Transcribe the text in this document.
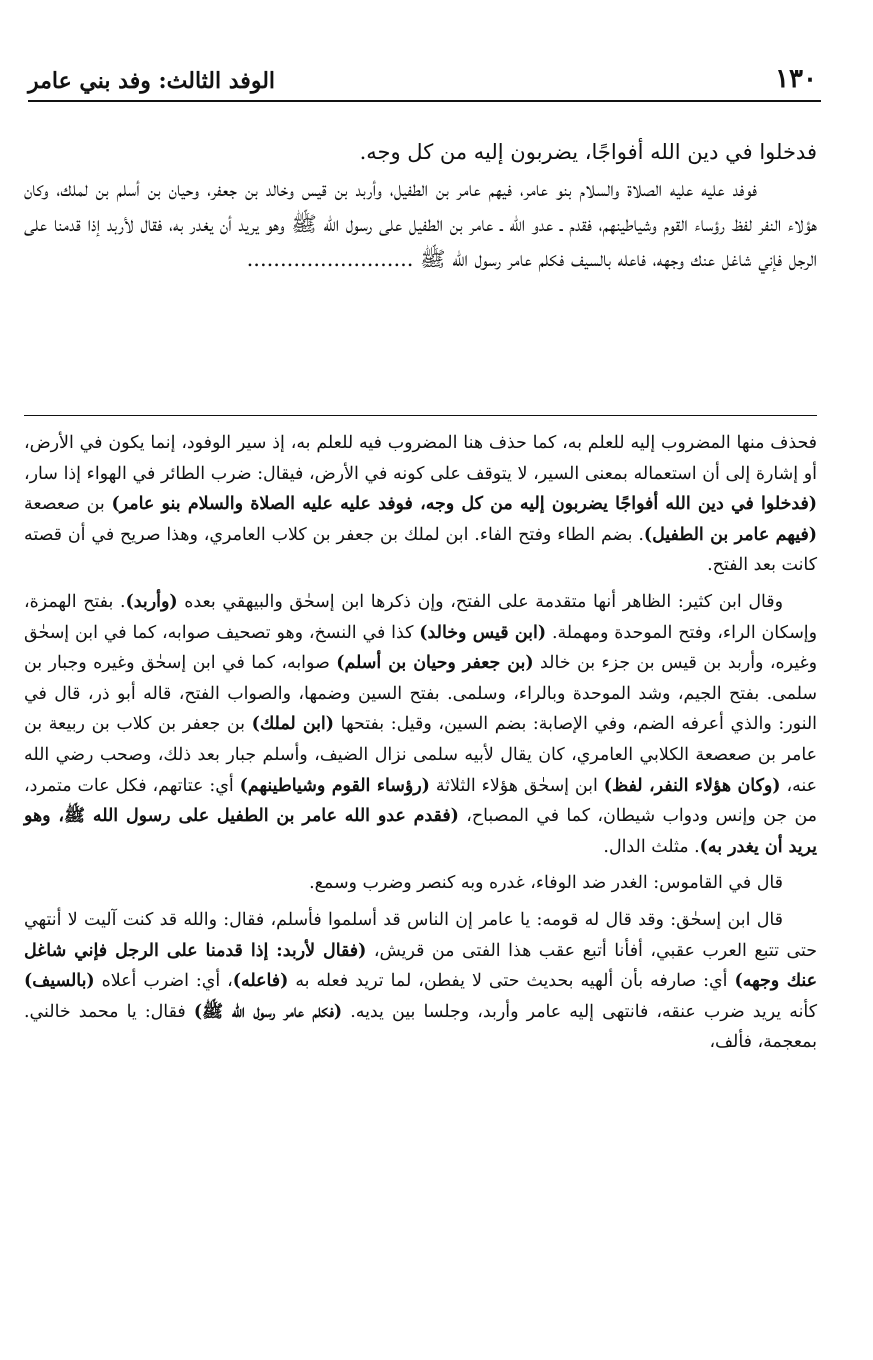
١٣٠
الوفد الثالث: وفد بني عامر

فدخلوا في دين الله أفواجًا، يضربون إليه من كل وجه.

فوفد عليه عليه الصلاة والسلام بنو عامر، فيهم عامر بن الطفيل، وأربد بن قيس وخالد بن جعفر، وحيان بن أسلم بن لملك، وكان هؤلاء النفر لفظ رؤساء القوم وشياطينهم، فقدم ـ عدو الله ـ عامر بن الطفيل على رسول الله ﷺ وهو يريد أن يغدر به، فقال لأربد إذا قدمنا على الرجل فإني شاغل عنك وجهه، فاعله بالسيف فكلم عامر رسول الله ﷺ .........................

فحذف منها المضروب إليه للعلم به، كما حذف هنا المضروب فيه للعلم به، إذ سير الوفود، إنما يكون في الأرض، أو إشارة إلى أن استعماله بمعنى السير، لا يتوقف على كونه في الأرض، فيقال: ضرب الطائر في الهواء إذا سار، (فدخلوا في دين الله أفواجًا يضربون إليه من كل وجه، فوفد عليه عليه الصلاة والسلام بنو عامر) بن صعصعة (فيهم عامر بن الطفيل). بضم الطاء وفتح الفاء. ابن لملك بن جعفر بن كلاب العامري، وهذا صريح في أن قصته كانت بعد الفتح.

وقال ابن كثير: الظاهر أنها متقدمة على الفتح، وإن ذكرها ابن إسحٰق والبيهقي بعده (وأربد). بفتح الهمزة، وإسكان الراء، وفتح الموحدة ومهملة. (ابن قيس وخالد) كذا في النسخ، وهو تصحيف صوابه، كما في ابن إسحٰق وغيره، وأربد بن قيس بن جزء بن خالد (بن جعفر وحيان بن أسلم) صوابه، كما في ابن إسحٰق وغيره وجبار بن سلمى. بفتح الجيم، وشد الموحدة وبالراء، وسلمى. بفتح السين وضمها، والصواب الفتح، قاله أبو ذر، قال في النور: والذي أعرفه الضم، وفي الإصابة: بضم السين، وقيل: بفتحها (ابن لملك) بن جعفر بن كلاب بن ربيعة بن عامر بن صعصعة الكلابي العامري، كان يقال لأبيه سلمى نزال الضيف، وأسلم جبار بعد ذلك، وصحب رضي الله عنه، (وكان هؤلاء النفر، لفظ) ابن إسحٰق هؤلاء الثلاثة (رؤساء القوم وشياطينهم) أي: عتاتهم، فكل عات متمرد، من جن وإنس ودواب شيطان، كما في المصباح، (فقدم عدو الله عامر بن الطفيل على رسول الله ﷺ، وهو يريد أن يغدر به). مثلث الدال.

قال في القاموس: الغدر ضد الوفاء، غدره وبه كنصر وضرب وسمع.

قال ابن إسحٰق: وقد قال له قومه: يا عامر إن الناس قد أسلموا فأسلم، فقال: والله قد كنت آليت لا أنتهي حتى تتبع العرب عقبي، أفأنا أتبع عقب هذا الفتى من قريش، (فقال لأربد: إذا قدمنا على الرجل فإني شاغل عنك وجهه) أي: صارفه بأن ألهيه بحديث حتى لا يفطن، لما تريد فعله به (فاعله)، أي: اضرب أعلاه (بالسيف) كأنه يريد ضرب عنقه، فانتهى إليه عامر وأربد، وجلسا بين يديه. (فكلم عامر رسول الله ﷺ) فقال: يا محمد خالني. بمعجمة، فألف،
